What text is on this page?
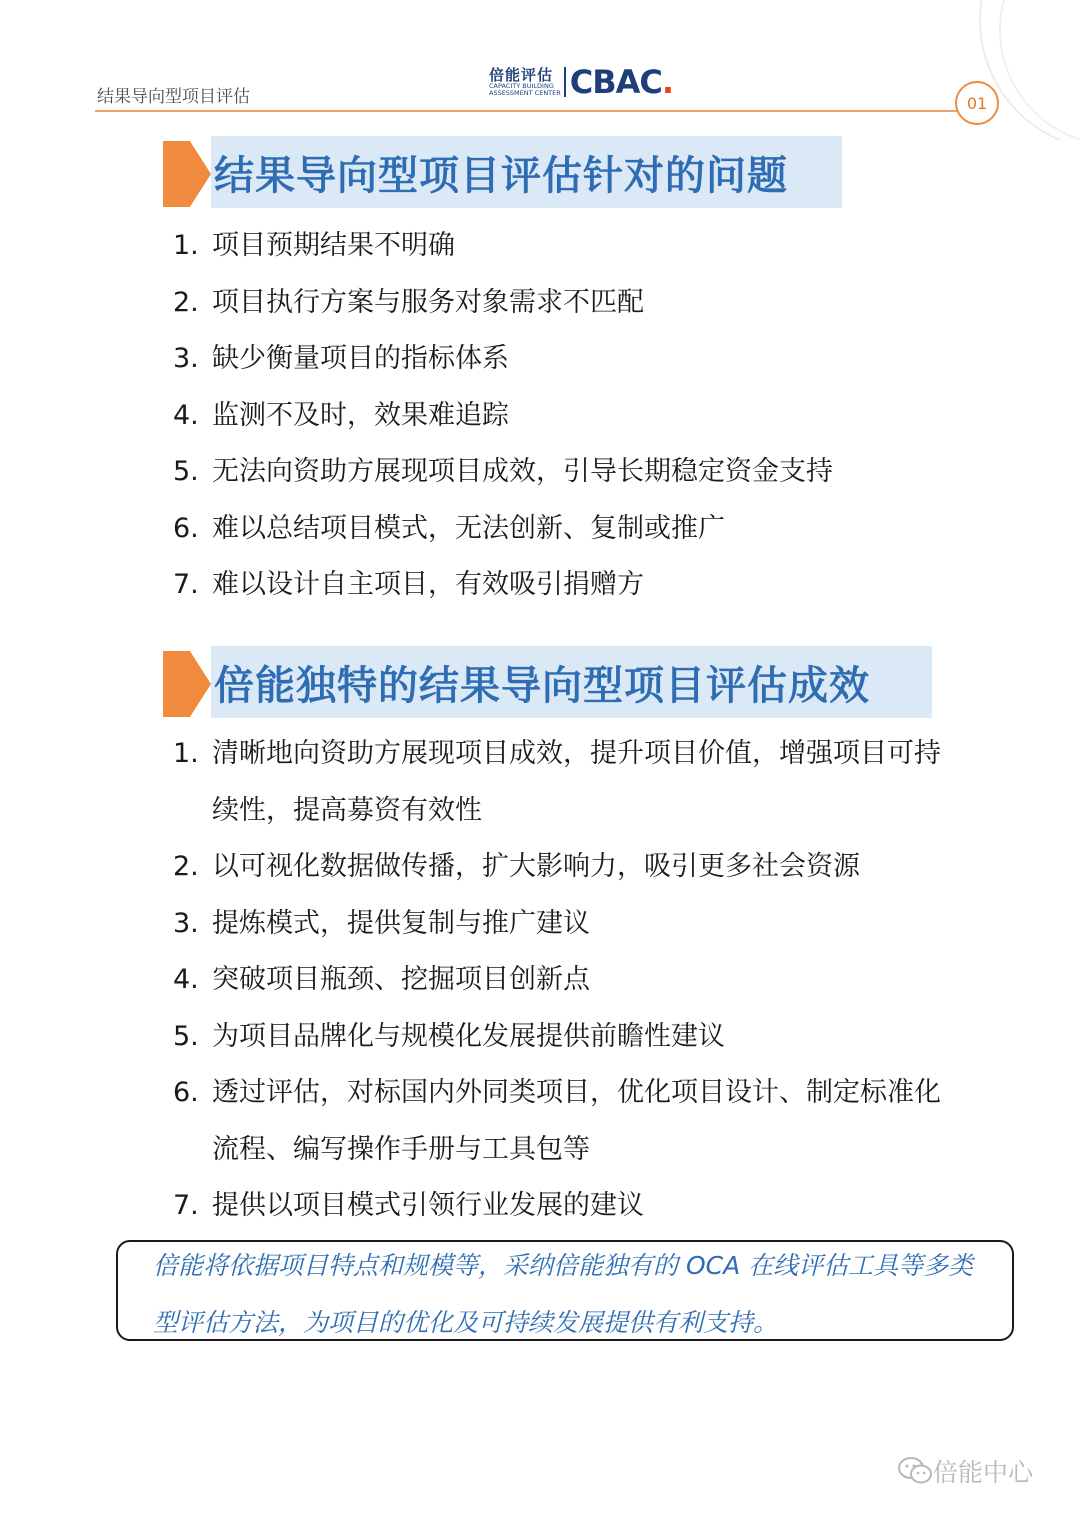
结果导向型项目评估
倍能评估
CAPACITY BUILDING
ASSESSMENT CENTER CBAC.
01
结果导向型项目评估针对的问题
1. 项目预期结果不明确
2. 项目执行方案与服务对象需求不匹配
3. 缺少衡量项目的指标体系
4. 监测不及时，效果难追踪
5. 无法向资助方展现项目成效，引导长期稳定资金支持
6. 难以总结项目模式，无法创新、复制或推广
7. 难以设计自主项目，有效吸引捐赠方
倍能独特的结果导向型项目评估成效
1. 清晰地向资助方展现项目成效，提升项目价值，增强项目可持
续性，提高募资有效性
2. 以可视化数据做传播，扩大影响力，吸引更多社会资源
3. 提炼模式，提供复制与推广建议
4. 突破项目瓶颈、挖掘项目创新点
5. 为项目品牌化与规模化发展提供前瞻性建议
6. 透过评估，对标国内外同类项目，优化项目设计、制定标准化
流程、编写操作手册与工具包等
7. 提供以项目模式引领行业发展的建议
倍能将依据项目特点和规模等，采纳倍能独有的 OCA 在线评估工具等多类
型评估方法，为项目的优化及可持续发展提供有利支持。
倍能中心
